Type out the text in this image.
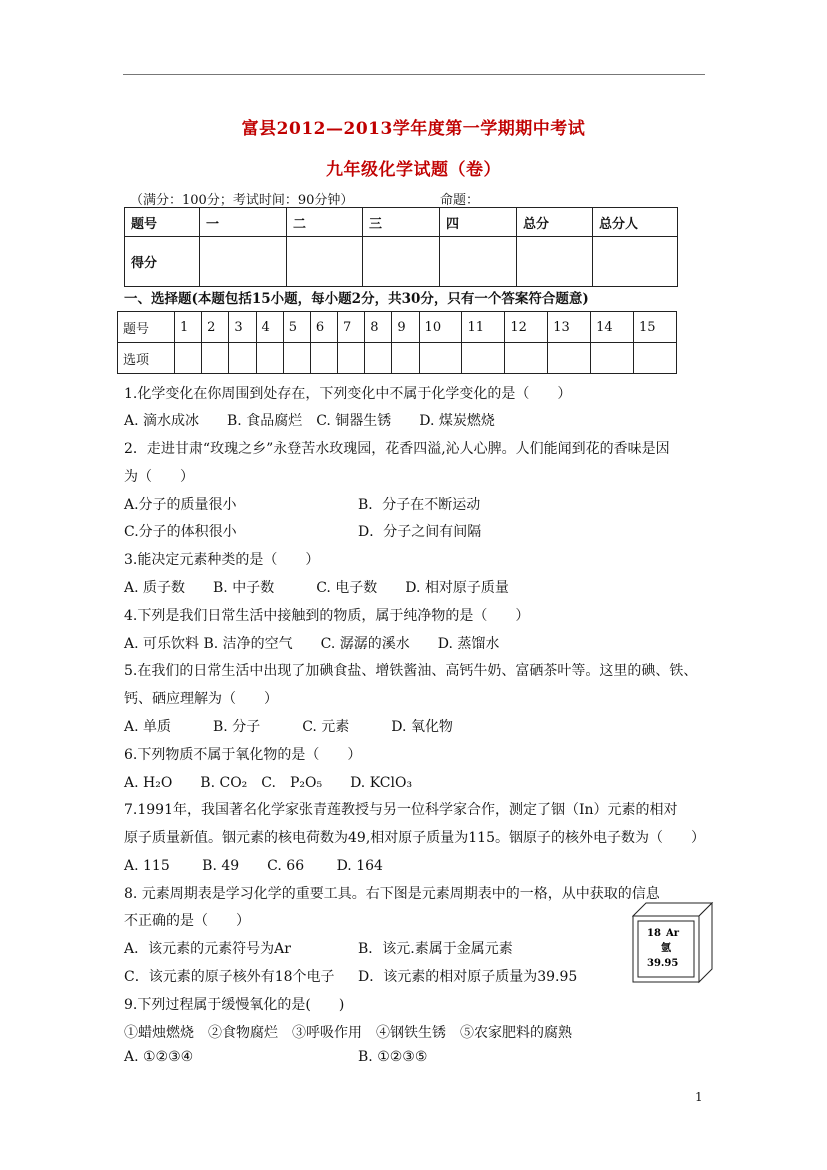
富县2012—2013学年度第一学期期中考试
九年级化学试题（卷）
（满分：100分；考试时间：90分钟）	命题：
题号	一	二	三	四	总分	总分人
得分						
一、选择题(本题包括15小题，每小题2分，共30分，只有一个答案符合题意)
题号	1	2	3	4	5	6	7	8	9	10	11	12	13	14	15
选项															
1.化学变化在你周围到处存在，下列变化中不属于化学变化的是（　　）
A. 滴水成冰　　B. 食品腐烂　C. 铜器生锈　　D. 煤炭燃烧
2．走进甘肃“玫瑰之乡”永登苦水玫瑰园，花香四溢,沁人心脾。人们能闻到花的香味是因
为（　　）
A.分子的质量很小	B．分子在不断运动
C.分子的体积很小	D．分子之间有间隔
3.能决定元素种类的是（　　）
A. 质子数　　B. 中子数　　　C. 电子数　　D. 相对原子质量
4.下列是我们日常生活中接触到的物质，属于纯净物的是（　　）
A. 可乐饮料 B. 洁净的空气　　C. 潺潺的溪水　　D. 蒸馏水
5.在我们的日常生活中出现了加碘食盐、增铁酱油、高钙牛奶、富硒茶叶等。这里的碘、铁、
钙、硒应理解为（　　）
A. 单质　　　B. 分子　　　C. 元素　　　D. 氧化物
6.下列物质不属于氧化物的是（　　）
A. H₂O　　B. CO₂　C.　P₂O₅　　D. KClO₃
7.1991年，我国著名化学家张青莲教授与另一位科学家合作，测定了铟（In）元素的相对
原子质量新值。铟元素的核电荷数为49,相对原子质量为115。铟原子的核外电子数为（　　）
A. 115　　 B. 49　　C. 66　　 D. 164
8. 元素周期表是学习化学的重要工具。右下图是元素周期表中的一格，从中获取的信息
不正确的是（　　）
A．该元素的元素符号为Ar	B．该元.素属于金属元素
C．该元素的原子核外有18个电子 D．该元素的相对原子质量为39.95
18 Ar
氩
39.95
9.下列过程属于缓慢氧化的是(　　)
①蜡烛燃烧　②食物腐烂　③呼吸作用　④钢铁生锈　⑤农家肥料的腐熟
A. ①②③④	B. ①②③⑤
1
